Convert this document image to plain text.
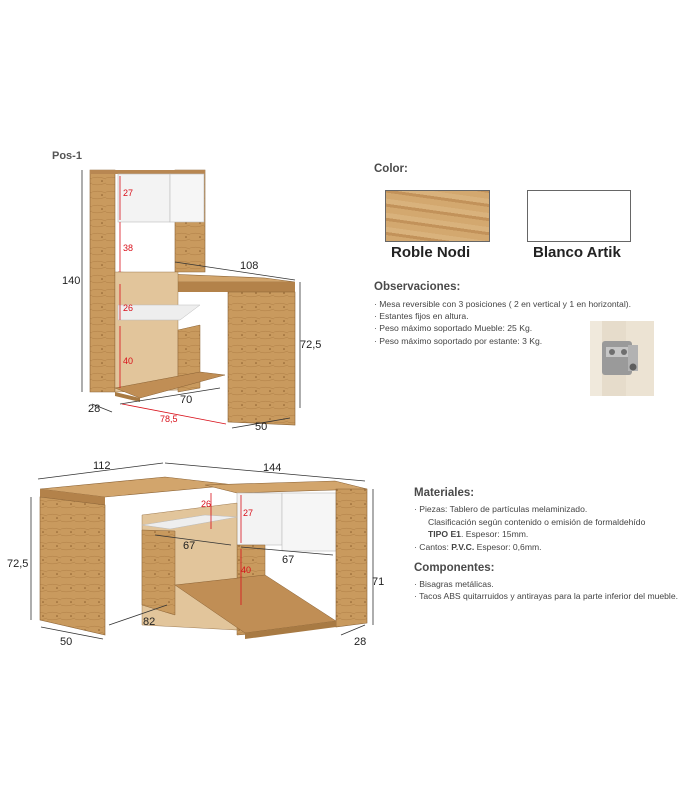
Pos-1
140
108
72,5
28
70
78,5
50
27
38
26
40
Color:
Roble Nodi	Blanco Artik
Observaciones:
· Mesa reversible con 3 posiciones ( 2 en vertical y 1 en horizontal).
· Estantes fijos en altura.
· Peso máximo soportado Mueble: 25 Kg.
· Peso máximo soportado por estante: 3 Kg.
112	144
72,5
71
50	28
82
67
67
26
27
40
Materiales:
· Piezas: Tablero de partículas melaminizado.
Clasificación según contenido o emisión de formaldehído
TIPO E1. Espesor: 15mm.
· Cantos: P.V.C. Espesor: 0,6mm.
Componentes:
· Bisagras metálicas.
· Tacos ABS quitarruidos y antirayas para la parte inferior del mueble.
